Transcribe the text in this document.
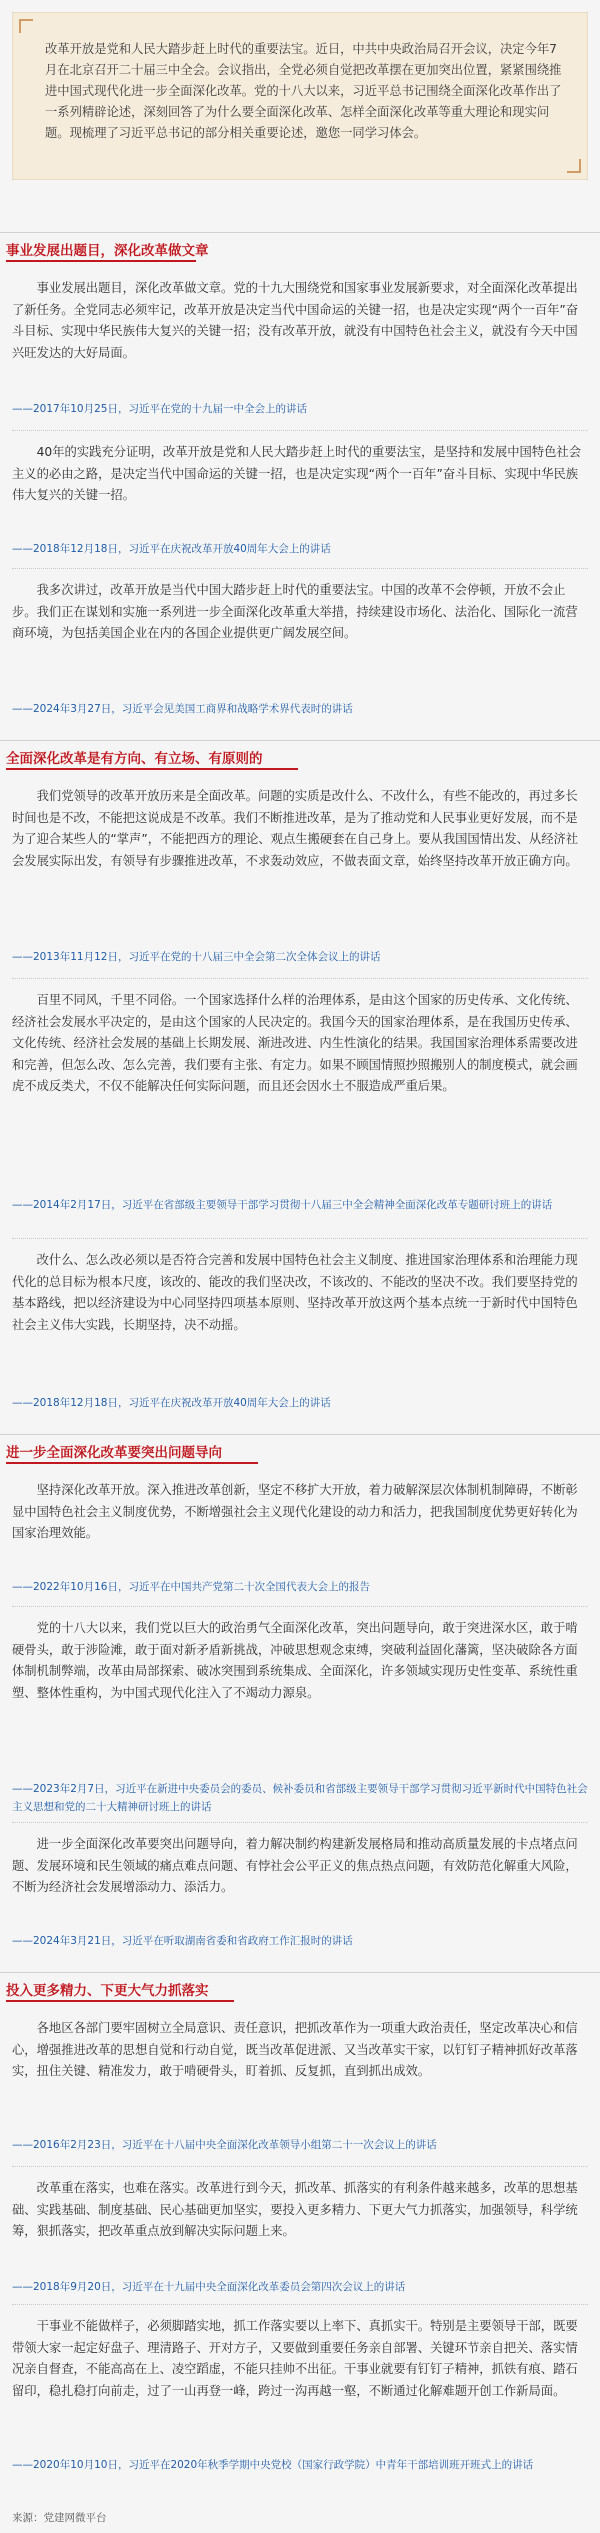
改革开放是党和人民大踏步赶上时代的重要法宝。近日，中共中央政治局召开会议，决定今年7月在北京召开二十届三中全会。会议指出，全党必须自觉把改革摆在更加突出位置，紧紧围绕推进中国式现代化进一步全面深化改革。党的十八大以来，习近平总书记围绕全面深化改革作出了一系列精辟论述，深刻回答了为什么要全面深化改革、怎样全面深化改革等重大理论和现实问题。现梳理了习近平总书记的部分相关重要论述，邀您一同学习体会。

事业发展出题目，深化改革做文章

事业发展出题目，深化改革做文章。党的十九大围绕党和国家事业发展新要求，对全面深化改革提出了新任务。全党同志必须牢记，改革开放是决定当代中国命运的关键一招，也是决定实现“两个一百年”奋斗目标、实现中华民族伟大复兴的关键一招；没有改革开放，就没有中国特色社会主义，就没有今天中国兴旺发达的大好局面。

——2017年10月25日，习近平在党的十九届一中全会上的讲话

40年的实践充分证明，改革开放是党和人民大踏步赶上时代的重要法宝，是坚持和发展中国特色社会主义的必由之路，是决定当代中国命运的关键一招，也是决定实现“两个一百年”奋斗目标、实现中华民族伟大复兴的关键一招。

——2018年12月18日，习近平在庆祝改革开放40周年大会上的讲话

我多次讲过，改革开放是当代中国大踏步赶上时代的重要法宝。中国的改革不会停顿，开放不会止步。我们正在谋划和实施一系列进一步全面深化改革重大举措，持续建设市场化、法治化、国际化一流营商环境，为包括美国企业在内的各国企业提供更广阔发展空间。

——2024年3月27日，习近平会见美国工商界和战略学术界代表时的讲话
全面深化改革是有方向、有立场、有原则的

我们党领导的改革开放历来是全面改革。问题的实质是改什么、不改什么，有些不能改的，再过多长时间也是不改，不能把这说成是不改革。我们不断推进改革，是为了推动党和人民事业更好发展，而不是为了迎合某些人的“掌声”，不能把西方的理论、观点生搬硬套在自己身上。要从我国国情出发、从经济社会发展实际出发，有领导有步骤推进改革，不求轰动效应，不做表面文章，始终坚持改革开放正确方向。

——2013年11月12日，习近平在党的十八届三中全会第二次全体会议上的讲话

百里不同风，千里不同俗。一个国家选择什么样的治理体系，是由这个国家的历史传承、文化传统、经济社会发展水平决定的，是由这个国家的人民决定的。我国今天的国家治理体系，是在我国历史传承、文化传统、经济社会发展的基础上长期发展、渐进改进、内生性演化的结果。我国国家治理体系需要改进和完善，但怎么改、怎么完善，我们要有主张、有定力。如果不顾国情照抄照搬别人的制度模式，就会画虎不成反类犬，不仅不能解决任何实际问题，而且还会因水土不服造成严重后果。

——2014年2月17日，习近平在省部级主要领导干部学习贯彻十八届三中全会精神全面深化改革专题研讨班上的讲话

改什么、怎么改必须以是否符合完善和发展中国特色社会主义制度、推进国家治理体系和治理能力现代化的总目标为根本尺度，该改的、能改的我们坚决改，不该改的、不能改的坚决不改。我们要坚持党的基本路线，把以经济建设为中心同坚持四项基本原则、坚持改革开放这两个基本点统一于新时代中国特色社会主义伟大实践，长期坚持，决不动摇。

——2018年12月18日，习近平在庆祝改革开放40周年大会上的讲话
进一步全面深化改革要突出问题导向

坚持深化改革开放。深入推进改革创新，坚定不移扩大开放，着力破解深层次体制机制障碍，不断彰显中国特色社会主义制度优势，不断增强社会主义现代化建设的动力和活力，把我国制度优势更好转化为国家治理效能。

——2022年10月16日，习近平在中国共产党第二十次全国代表大会上的报告

党的十八大以来，我们党以巨大的政治勇气全面深化改革，突出问题导向，敢于突进深水区，敢于啃硬骨头，敢于涉险滩，敢于面对新矛盾新挑战，冲破思想观念束缚，突破利益固化藩篱，坚决破除各方面体制机制弊端，改革由局部探索、破冰突围到系统集成、全面深化，许多领域实现历史性变革、系统性重塑、整体性重构，为中国式现代化注入了不竭动力源泉。

——2023年2月7日，习近平在新进中央委员会的委员、候补委员和省部级主要领导干部学习贯彻习近平新时代中国特色社会主义思想和党的二十大精神研讨班上的讲话

进一步全面深化改革要突出问题导向，着力解决制约构建新发展格局和推动高质量发展的卡点堵点问题、发展环境和民生领域的痛点难点问题、有悖社会公平正义的焦点热点问题，有效防范化解重大风险，不断为经济社会发展增添动力、添活力。

——2024年3月21日，习近平在听取湖南省委和省政府工作汇报时的讲话
投入更多精力、下更大气力抓落实

各地区各部门要牢固树立全局意识、责任意识，把抓改革作为一项重大政治责任，坚定改革决心和信心，增强推进改革的思想自觉和行动自觉，既当改革促进派、又当改革实干家，以钉钉子精神抓好改革落实，扭住关键、精准发力，敢于啃硬骨头，盯着抓、反复抓，直到抓出成效。

——2016年2月23日，习近平在十八届中央全面深化改革领导小组第二十一次会议上的讲话

改革重在落实，也难在落实。改革进行到今天，抓改革、抓落实的有利条件越来越多，改革的思想基础、实践基础、制度基础、民心基础更加坚实，要投入更多精力、下更大气力抓落实，加强领导，科学统筹，狠抓落实，把改革重点放到解决实际问题上来。

——2018年9月20日，习近平在十九届中央全面深化改革委员会第四次会议上的讲话

干事业不能做样子，必须脚踏实地，抓工作落实要以上率下、真抓实干。特别是主要领导干部，既要带领大家一起定好盘子、理清路子、开对方子，又要做到重要任务亲自部署、关键环节亲自把关、落实情况亲自督查，不能高高在上、凌空蹈虚，不能只挂帅不出征。干事业就要有钉钉子精神，抓铁有痕、踏石留印，稳扎稳打向前走，过了一山再登一峰，跨过一沟再越一壑，不断通过化解难题开创工作新局面。

——2020年10月10日，习近平在2020年秋季学期中央党校（国家行政学院）中青年干部培训班开班式上的讲话
来源：党建网微平台
